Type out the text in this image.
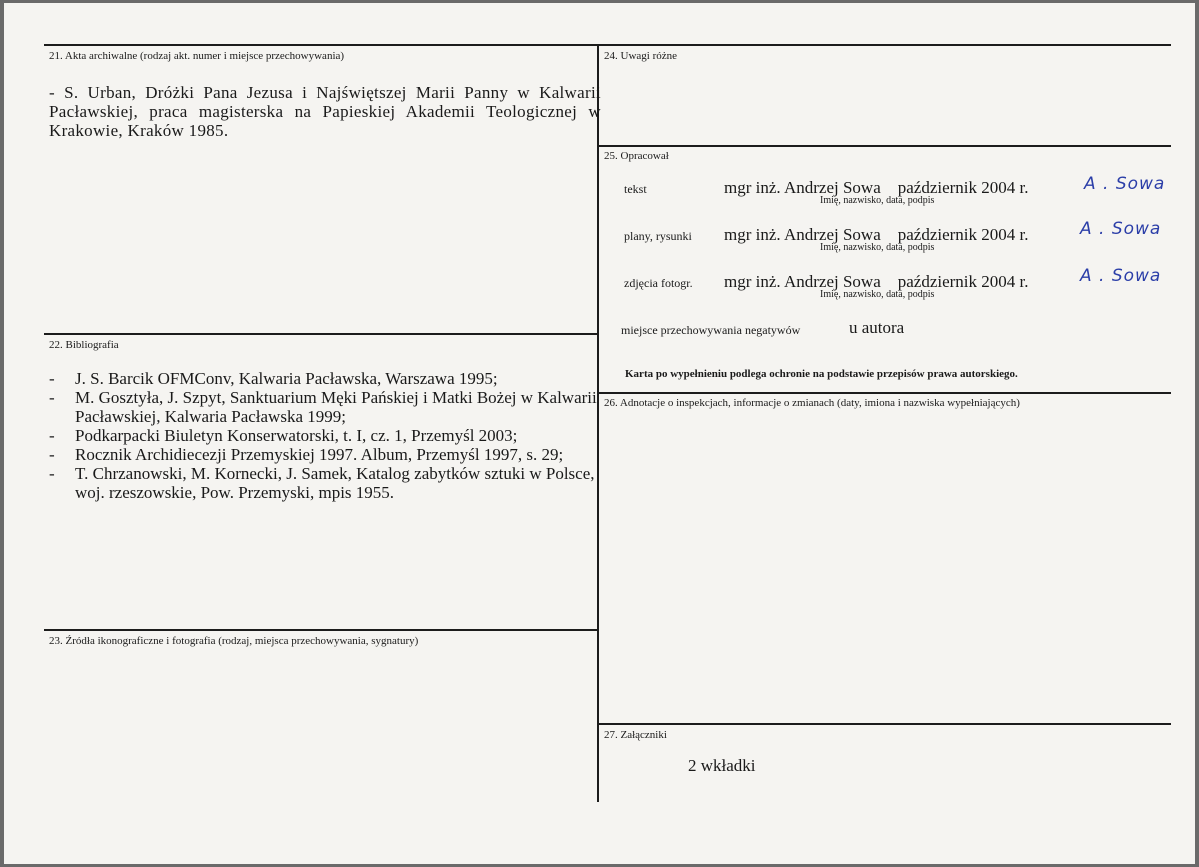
21. Akta archiwalne (rodzaj akt. numer i miejsce przechowywania)
- S. Urban, Dróżki Pana Jezusa i Najświętszej Marii Panny w Kalwarii Pacławskiej, praca magisterska na Papieskiej Akademii Teologicznej w Krakowie, Kraków 1985.
22. Bibliografia
- J. S. Barcik OFMConv, Kalwaria Pacławska, Warszawa 1995;
- M. Gosztyła, J. Szpyt, Sanktuarium Męki Pańskiej i Matki Bożej w Kalwarii Pacławskiej, Kalwaria Pacławska 1999;
- Podkarpacki Biuletyn Konserwatorski, t. I, cz. 1, Przemyśl 2003;
- Rocznik Archidiecezji Przemyskiej 1997. Album, Przemyśl 1997, s. 29;
- T. Chrzanowski, M. Kornecki, J. Samek, Katalog zabytków sztuki w Polsce, woj. rzeszowskie, Pow. Przemyski, mpis 1955.
23. Źródła ikonograficzne i fotografia (rodzaj, miejsca przechowywania, sygnatury)
24. Uwagi różne
25. Opracował
tekst	mgr inż. Andrzej Sowa    październik 2004 r.
Imię, nazwisko, data, podpis
A . Sowa
plany, rysunki mgr inż. Andrzej Sowa    październik 2004 r.
Imię, nazwisko, data, podpis
A . Sowa
zdjęcia fotogr. mgr inż. Andrzej Sowa    październik 2004 r.
Imię, nazwisko, data, podpis
A . Sowa
miejsce przechowywania negatywów	u autora
Karta po wypełnieniu podlega ochronie na podstawie przepisów prawa autorskiego.
26. Adnotacje o inspekcjach, informacje o zmianach (daty, imiona i nazwiska wypełniających)
27. Załączniki
2 wkładki
